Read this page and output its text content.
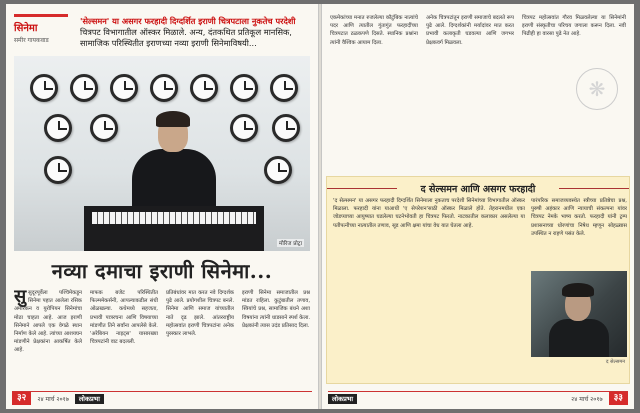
सिनेमा
समीर गायकवाड

'सेल्समन' या असगर फरहादी दिग्दर्शित इराणी चित्रपटाला नुकतेच परदेशी चित्रपट विभागातील ऑस्कर मिळाले. अन्य, दंतकथित प्रतिकूल मानसिक, सामाजिक परिस्थितीत इराणच्या नव्या इराणी सिनेमाविषयी...

मौरिज प्रोट्रा
नव्या दमाचा इराणी सिनेमा...
सुसुदूरपूर्वेला पश्चिमेकडून सिनेमा पहात आलेला रसिक अमेरिकन व युरोपियन सिनेमांचा मोठा चाहता आहे. आज इराणी सिनेमाने आपले एक वेगळे स्थान निर्माण केले आहे. त्यांच्या आशयघन मांडणीने प्रेक्षकांना आकर्षित केले आहे.
माफक बजेट परिस्थितीत फिल्ममेकर्सनी, आपल्याकडील संधी ओळखल्या. कथेमध्ये सहजता, प्रभावी पात्ररचना आणि विषयाच्या मांडणीत तिने सर्वांना आपलेसे केले. 'अरेबियन नाइट्स' यासारख्या चित्रपटांनी वाट बदलली.
प्रतिबंधांवर मात करत नवे दिग्दर्शक पुढे आले. प्रयोगशील चित्रपट बनले. सिनेमा आणि समाज यांच्यातील नाते दृढ झाले. आंतरराष्ट्रीय महोत्सवांत इराणी चित्रपटांना अनेक पुरस्कार लाभले.
इराणी सिनेमा समाजातील प्रश्न मांडत राहिला. कुटुंबातील तणाव, स्त्रियांचे प्रश्न, सामाजिक बंधने अशा विषयांना त्यांनी धाडसाने स्पर्श केला. प्रेक्षकांनी त्यास उदंड प्रतिसाद दिला.
३२	२४ मार्च २०१७	लोकप्रभा
एकमेकांच्या मनात रुजलेल्या कौटुंबिक नात्यांचे पदर आणि त्यातील गुंतागुंत फरहादींच्या चित्रपटात ठळकपणे दिसते. स्थानिक प्रश्नांना त्यांनी वैश्विक आयाम दिला.
अनेक चित्रपटांतून इराणी समाजाचे बदलते रूप पुढे आले. दिग्दर्शकांनी मर्यादांवर मात करत प्रभावी कलाकृती घडवल्या आणि जगभर प्रेक्षकवर्ग मिळवला.
चित्रपट महोत्सवांत गौरव मिळवलेल्या या सिनेमांनी इराणी संस्कृतीचा परिचय जगाला करून दिला. नवी पिढीही हा वारसा पुढे नेत आहे.
❋
द सेल्समन आणि असगर फरहादी
'द सेल्समन' या असगर फरहादी दिग्दर्शित सिनेमाला नुकताच परदेशी सिनेमांच्या विभागातील ऑस्कर मिळाला. फरहादी यांना याआधी 'ए सेपरेशन'साठी ऑस्कर मिळाले होते. तेहरानमधील एका जोडप्याच्या आयुष्यात घडलेल्या घटनेभोवती हा चित्रपट फिरतो. नाटकातील कलाकार असलेल्या या पतीपत्नीच्या नात्यातील तणाव, सूड आणि क्षमा यांचा वेध यात घेतला आहे.
पारंपरिक समाजव्यवस्थेत स्त्रीच्या प्रतिष्ठेचा प्रश्न, पुरुषी अहंकार आणि न्यायाची संकल्पना यांवर चित्रपट नेमके भाष्य करतो. फरहादी यांनी ट्रम्प प्रशासनाच्या धोरणांचा निषेध म्हणून सोहळ्यास उपस्थित न राहणे पसंत केले.
द सेल्समन
लोकप्रभा	२४ मार्च २०१७	३३
